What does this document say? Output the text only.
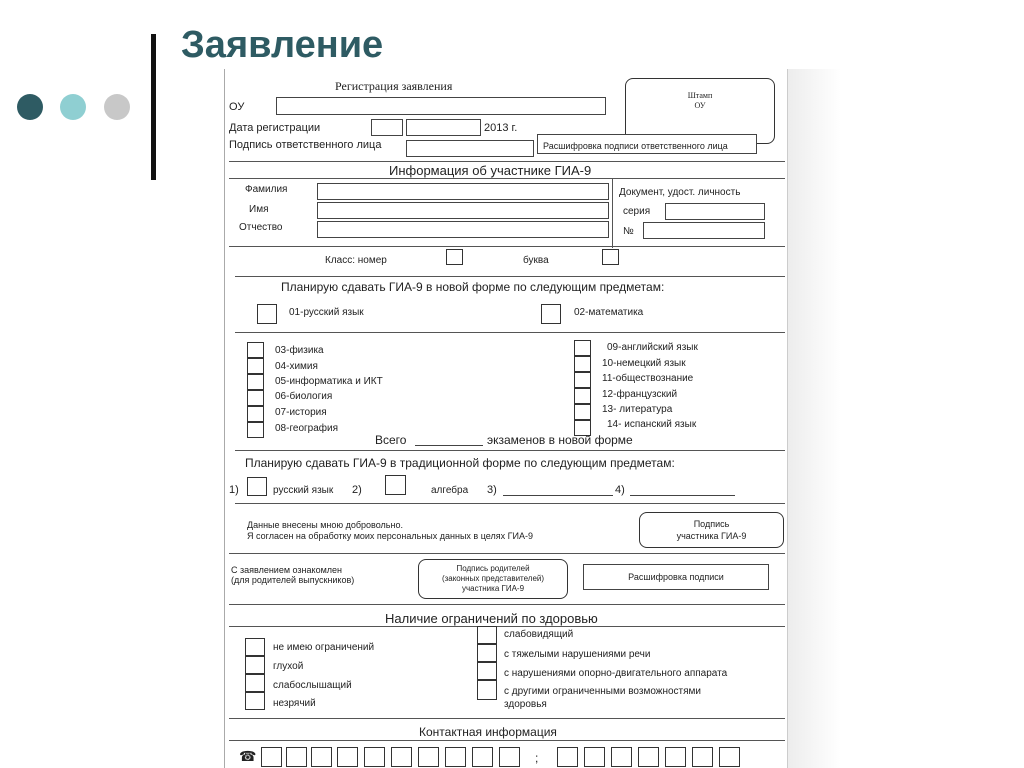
Заявление
Регистрация заявления
ОУ
Штамп
ОУ
Дата регистрации	2013 г.
Подпись ответственного лица	Расшифровка подписи ответственного лица
Информация об участнике ГИА-9
Фамилия
Имя
Отчество
Документ, удост. личность
серия
№
Класс: номер	буква
Планирую сдавать ГИА-9 в новой форме по следующим предметам:
01-русский язык	02-математика
03-физика
04-химия
05-информатика и ИКТ
06-биология
07-история
08-география
09-английский язык
10-немецкий язык
11-обществознание
12-французский
13- литература
14- испанский язык
Всего	экзаменов в новой форме
Планирую сдавать ГИА-9 в традиционной форме по следующим предметам:
1)	русский язык 2)	алгебра 3)	4)
Данные внесены мною добровольно.
Я согласен на обработку моих персональных данных в целях ГИА-9
Подпись
участника ГИА-9
С заявлением ознакомлен
(для родителей выпускников)
Подпись родителей
(законных представителей)
участника ГИА-9
Расшифровка подписи
Наличие ограничений по здоровью
не имею ограничений
глухой
слабослышащий
незрячий
слабовидящий
с тяжелыми нарушениями речи
с нарушениями опорно-двигательного аппарата
с другими ограниченными возможностями
здоровья
Контактная информация
☎	;
